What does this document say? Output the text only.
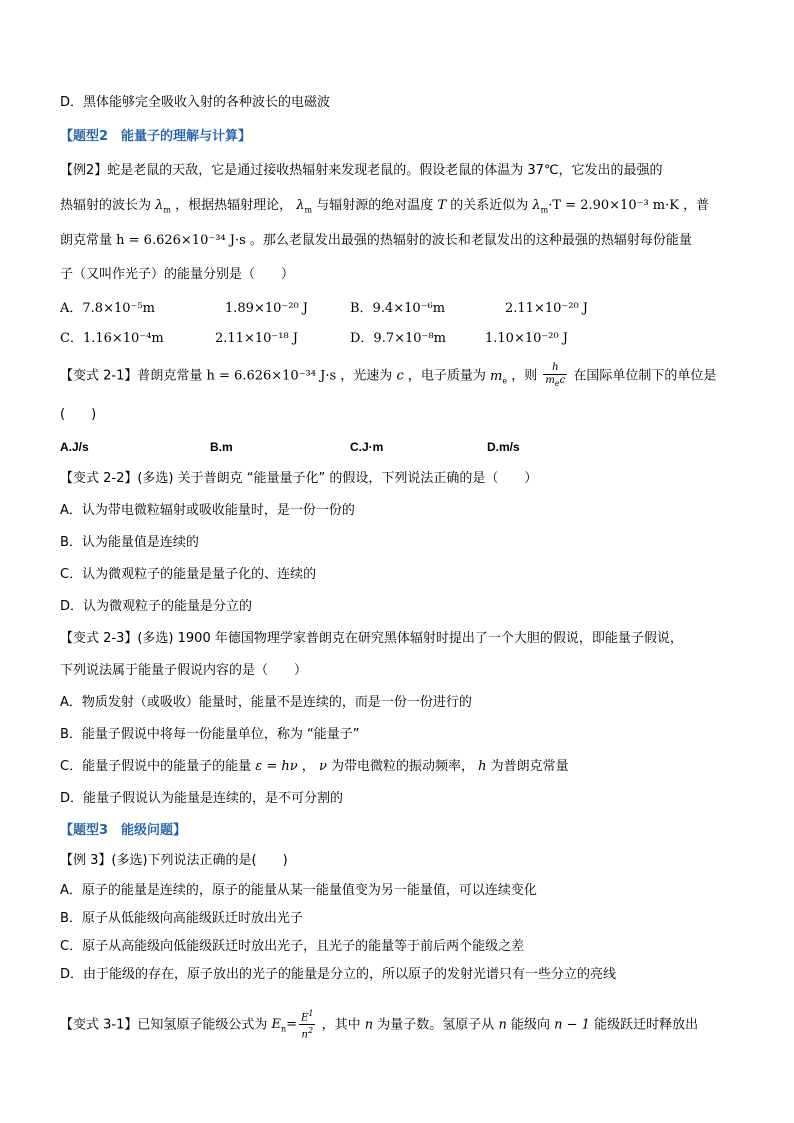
D．黑体能够完全吸收入射的各种波长的电磁波
【题型2　能量子的理解与计算】
【例2】蛇是老鼠的天敌，它是通过接收热辐射来发现老鼠的。假设老鼠的体温为 37℃，它发出的最强的
热辐射的波长为 $\lambda_m$ ，根据热辐射理论， $\lambda_m$ 与辐射源的绝对温度 T 的关系近似为 $\lambda_m\cdot T = 2.90\times 10^{-3}$ m·K ，普
朗克常量 h = 6.626×10⁻³⁴ J·s 。那么老鼠发出最强的热辐射的波长和老鼠发出的这种最强的热辐射每份能量
子（又叫作光子）的能量分别是（　　）
A．7.8×10⁻⁵m	1.89×10⁻²⁰ J	B．9.4×10⁻⁶m	2.11×10⁻²⁰ J
C．1.16×10⁻⁴m	2.11×10⁻¹⁸ J	D．9.7×10⁻⁸m	1.10×10⁻²⁰ J
【变式 2-1】普朗克常量 h = 6.626×10⁻³⁴ J·s ，光速为 c ，电子质量为 $m_e$ ，则 $\frac{h}{m_ec}$ 在国际单位制下的单位是
(　　)
A.J/s	B.m	C.J·m	D.m/s
【变式 2-2】(多选) 关于普朗克 “能量量子化” 的假设，下列说法正确的是（　　）
A．认为带电微粒辐射或吸收能量时，是一份一份的
B．认为能量值是连续的
C．认为微观粒子的能量是量子化的、连续的
D．认为微观粒子的能量是分立的
【变式 2-3】(多选) 1900 年德国物理学家普朗克在研究黑体辐射时提出了一个大胆的假说，即能量子假说，
下列说法属于能量子假说内容的是（　　）
A．物质发射（或吸收）能量时，能量不是连续的，而是一份一份进行的
B．能量子假说中将每一份能量单位，称为 “能量子”
C．能量子假说中的能量子的能量 ε = hν ， ν 为带电微粒的振动频率， h 为普朗克常量
D．能量子假说认为能量是连续的，是不可分割的
【题型3　能级问题】
【例 3】(多选)下列说法正确的是(　　)
A．原子的能量是连续的，原子的能量从某一能量值变为另一能量值，可以连续变化
B．原子从低能级向高能级跃迁时放出光子
C．原子从高能级向低能级跃迁时放出光子，且光子的能量等于前后两个能级之差
D．由于能级的存在，原子放出的光子的能量是分立的，所以原子的发射光谱只有一些分立的亮线
【变式 3-1】已知氢原子能级公式为 $E_n= \frac{E^1}{n^2}$ ，其中 n 为量子数。氢原子从 n 能级向 n − 1 能级跃迁时释放出
